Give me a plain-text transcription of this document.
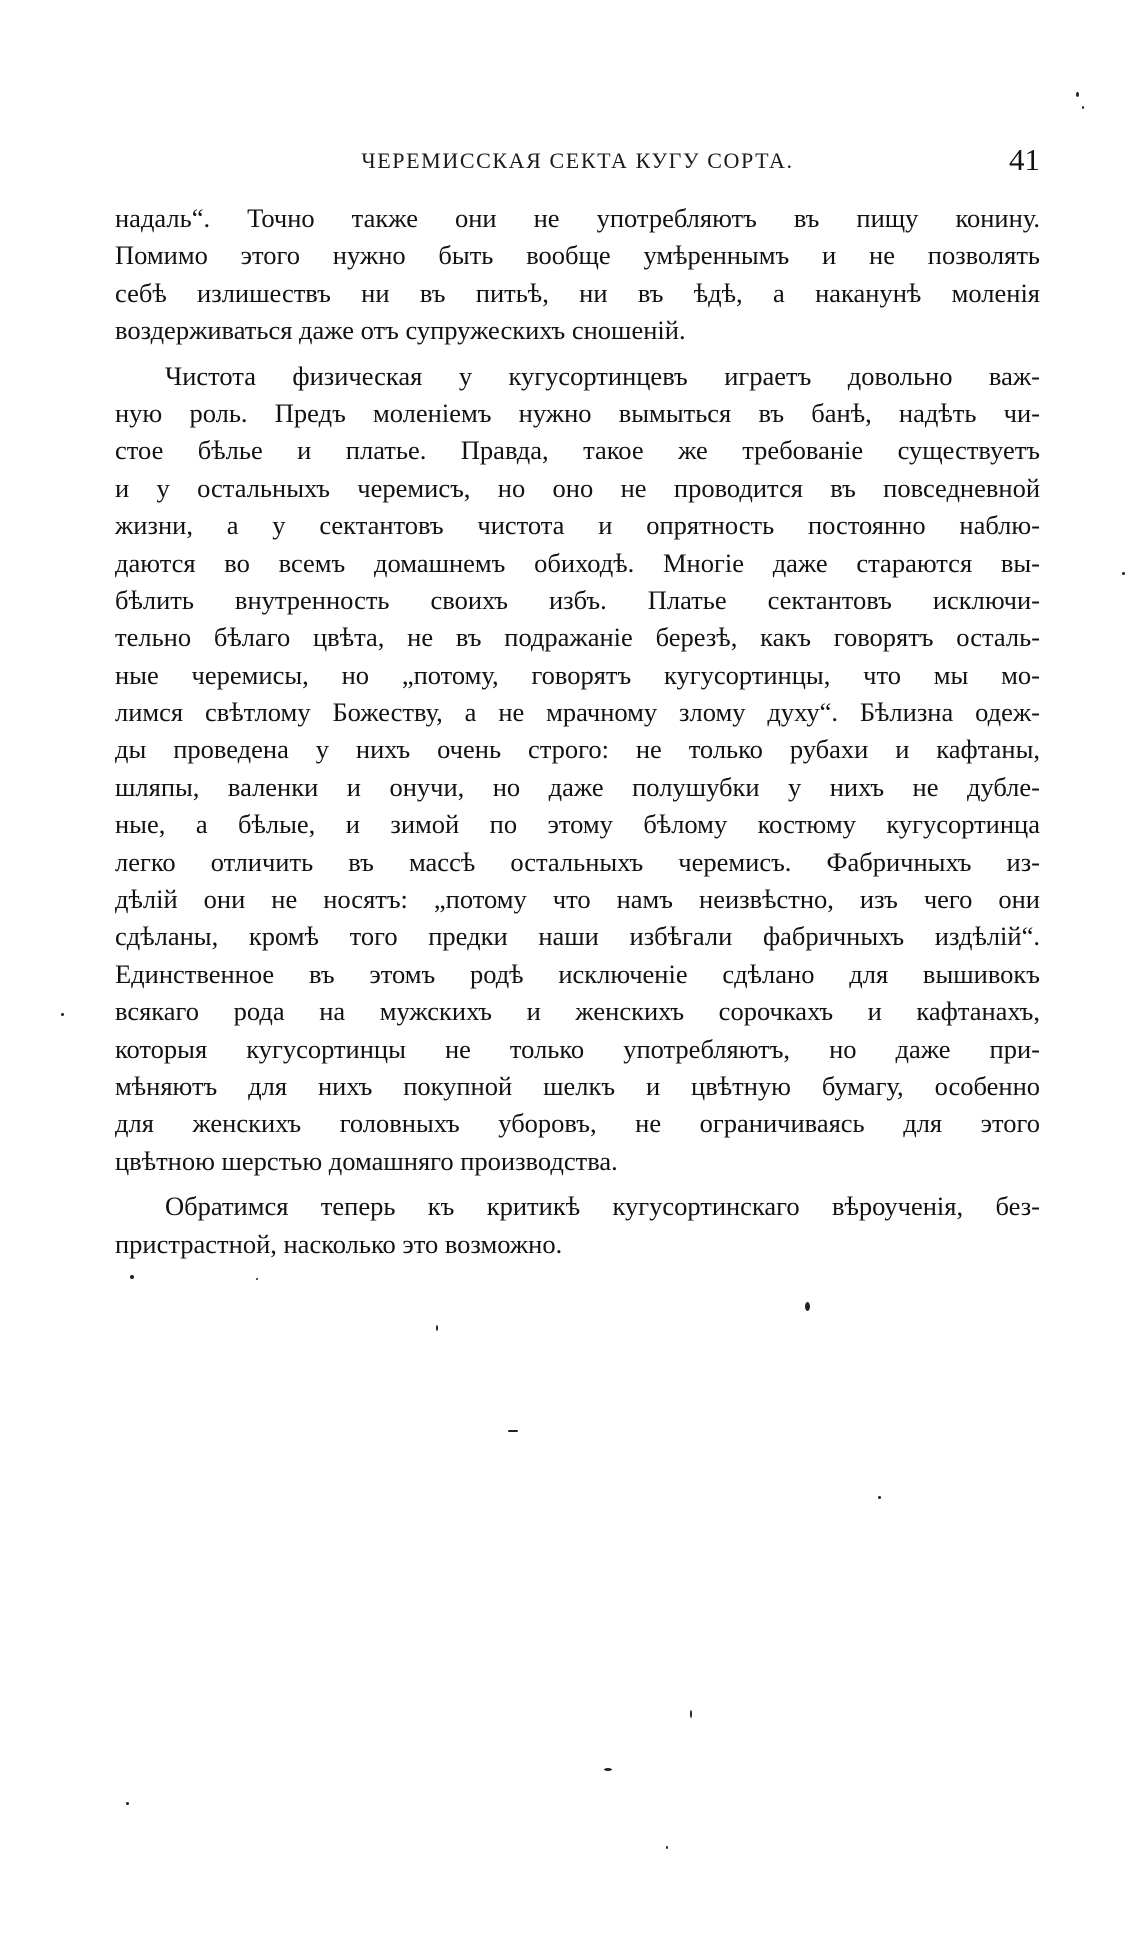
ЧЕРЕМИССКАЯ СЕКТА КУГУ СОРТА.	41
надаль“. Точно также они не употребляютъ въ пищу конину.
Помимо этого нужно быть вообще умѣреннымъ и не позволять
себѣ излишествъ ни въ питьѣ, ни въ ѣдѣ, а наканунѣ моленія
воздерживаться даже отъ супружескихъ сношеній.
Чистота физическая у кугусортинцевъ играетъ довольно важ-
ную роль. Предъ моленіемъ нужно вымыться въ банѣ, надѣть чи-
стое бѣлье и платье. Правда, такое же требованіе существуетъ
и у остальныхъ черемисъ, но оно не проводится въ повседневной
жизни, а у сектантовъ чистота и опрятность постоянно наблю-
даются во всемъ домашнемъ обиходѣ. Многіе даже стараются вы-
бѣлить внутренность своихъ избъ. Платье сектантовъ исключи-
тельно бѣлаго цвѣта, не въ подражаніе березѣ, какъ говорятъ осталь-
ные черемисы, но „потому, говорятъ кугусортинцы, что мы мо-
лимся свѣтлому Божеству, а не мрачному злому духу“. Бѣлизна одеж-
ды проведена у нихъ очень строго: не только рубахи и кафтаны,
шляпы, валенки и онучи, но даже полушубки у нихъ не дубле-
ные, а бѣлые, и зимой по этому бѣлому костюму кугусортинца
легко отличить въ массѣ остальныхъ черемисъ. Фабричныхъ из-
дѣлій они не носятъ: „потому что намъ неизвѣстно, изъ чего они
сдѣланы, кромѣ того предки наши избѣгали фабричныхъ издѣлій“.
Единственное въ этомъ родѣ исключеніе сдѣлано для вышивокъ
всякаго рода на мужскихъ и женскихъ сорочкахъ и кафтанахъ,
которыя кугусортинцы не только употребляютъ, но даже при-
мѣняютъ для нихъ покупной шелкъ и цвѣтную бумагу, особенно
для женскихъ головныхъ уборовъ, не ограничиваясь для этого
цвѣтною шерстью домашняго производства.
Обратимся теперь къ критикѣ кугусортинскаго вѣроученія, без-
пристрастной, насколько это возможно.
